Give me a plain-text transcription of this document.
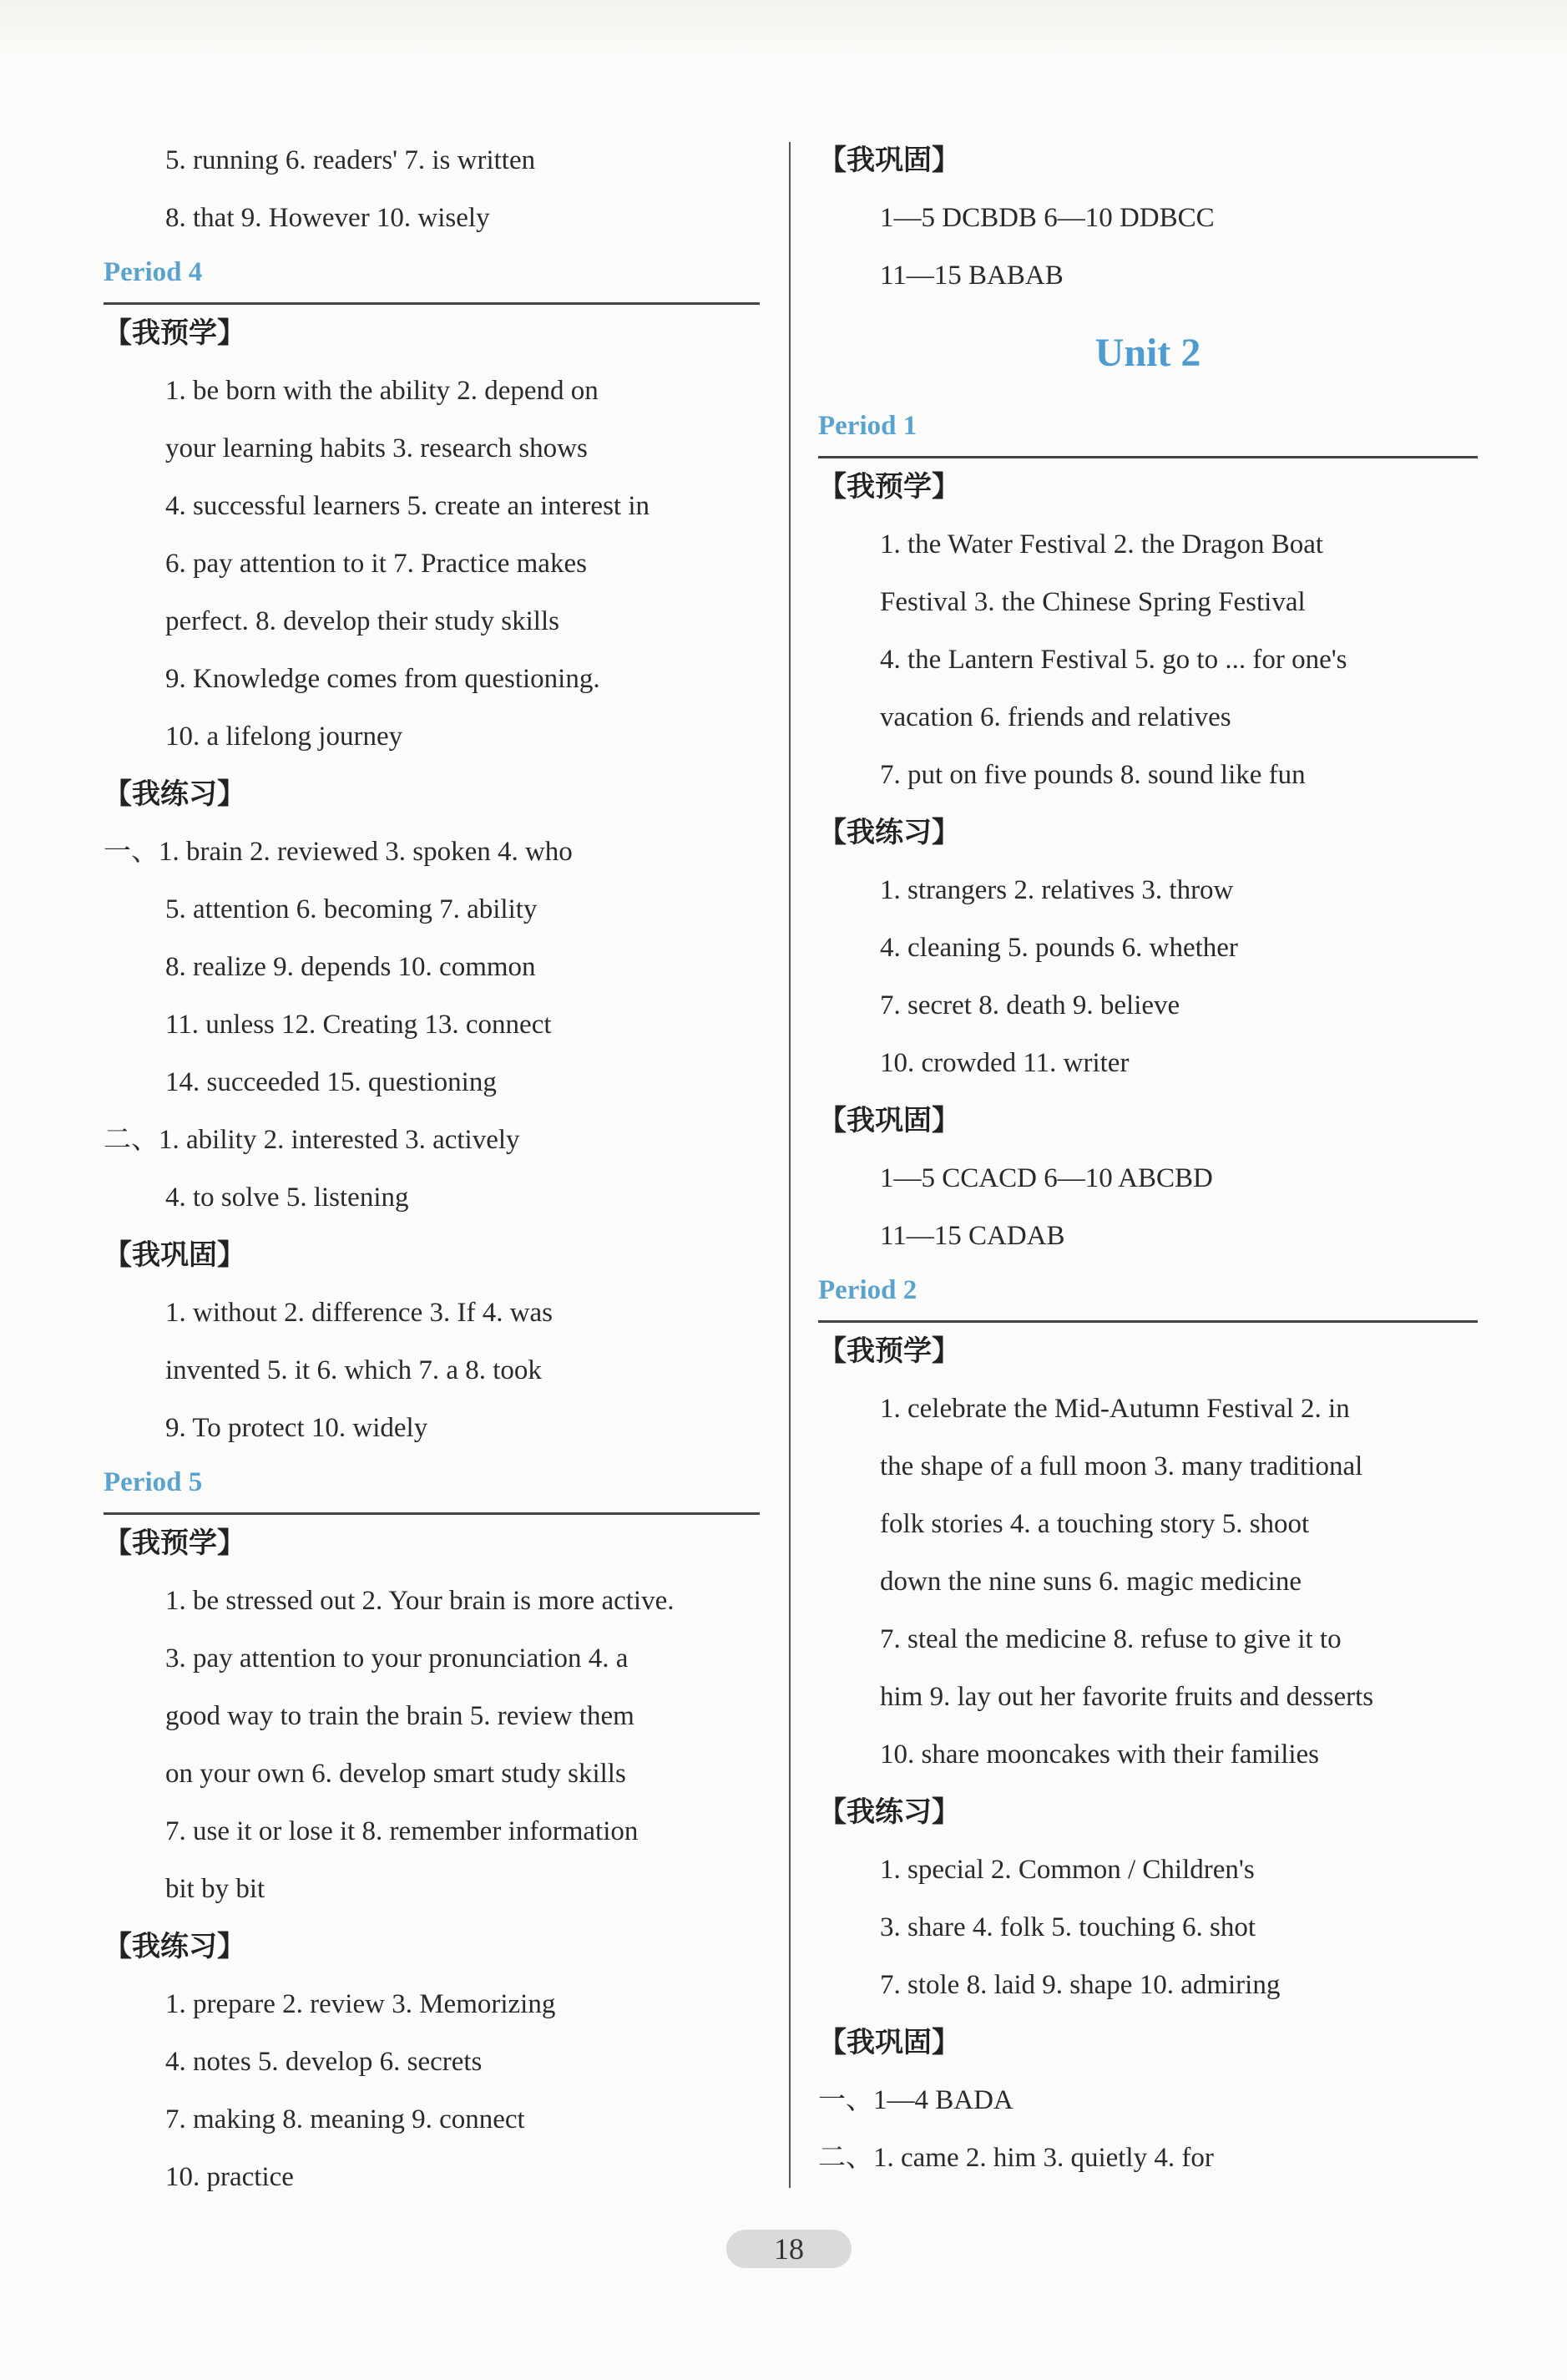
5. running 6. readers' 7. is written
8. that 9. However 10. wisely
Period 4
【我预学】
1. be born with the ability 2. depend on
your learning habits 3. research shows
4. successful learners 5. create an interest in
6. pay attention to it 7. Practice makes
perfect. 8. develop their study skills
9. Knowledge comes from questioning.
10. a lifelong journey
【我练习】
一、1. brain 2. reviewed 3. spoken 4. who
5. attention 6. becoming 7. ability
8. realize 9. depends 10. common
11. unless 12. Creating 13. connect
14. succeeded 15. questioning
二、1. ability 2. interested 3. actively
4. to solve 5. listening
【我巩固】
1. without 2. difference 3. If 4. was
invented 5. it 6. which 7. a 8. took
9. To protect 10. widely
Period 5
【我预学】
1. be stressed out 2. Your brain is more active.
3. pay attention to your pronunciation 4. a
good way to train the brain 5. review them
on your own 6. develop smart study skills
7. use it or lose it 8. remember information
bit by bit
【我练习】
1. prepare 2. review 3. Memorizing
4. notes 5. develop 6. secrets
7. making 8. meaning 9. connect
10. practice
【我巩固】
1—5 DCBDB 6—10 DDBCC
11—15 BABAB
Unit 2
Period 1
【我预学】
1. the Water Festival 2. the Dragon Boat
Festival 3. the Chinese Spring Festival
4. the Lantern Festival 5. go to ... for one's
vacation 6. friends and relatives
7. put on five pounds 8. sound like fun
【我练习】
1. strangers 2. relatives 3. throw
4. cleaning 5. pounds 6. whether
7. secret 8. death 9. believe
10. crowded 11. writer
【我巩固】
1—5 CCACD 6—10 ABCBD
11—15 CADAB
Period 2
【我预学】
1. celebrate the Mid-Autumn Festival 2. in
the shape of a full moon 3. many traditional
folk stories 4. a touching story 5. shoot
down the nine suns 6. magic medicine
7. steal the medicine 8. refuse to give it to
him 9. lay out her favorite fruits and desserts
10. share mooncakes with their families
【我练习】
1. special 2. Common / Children's
3. share 4. folk 5. touching 6. shot
7. stole 8. laid 9. shape 10. admiring
【我巩固】
一、1—4 BADA
二、1. came 2. him 3. quietly 4. for
18
